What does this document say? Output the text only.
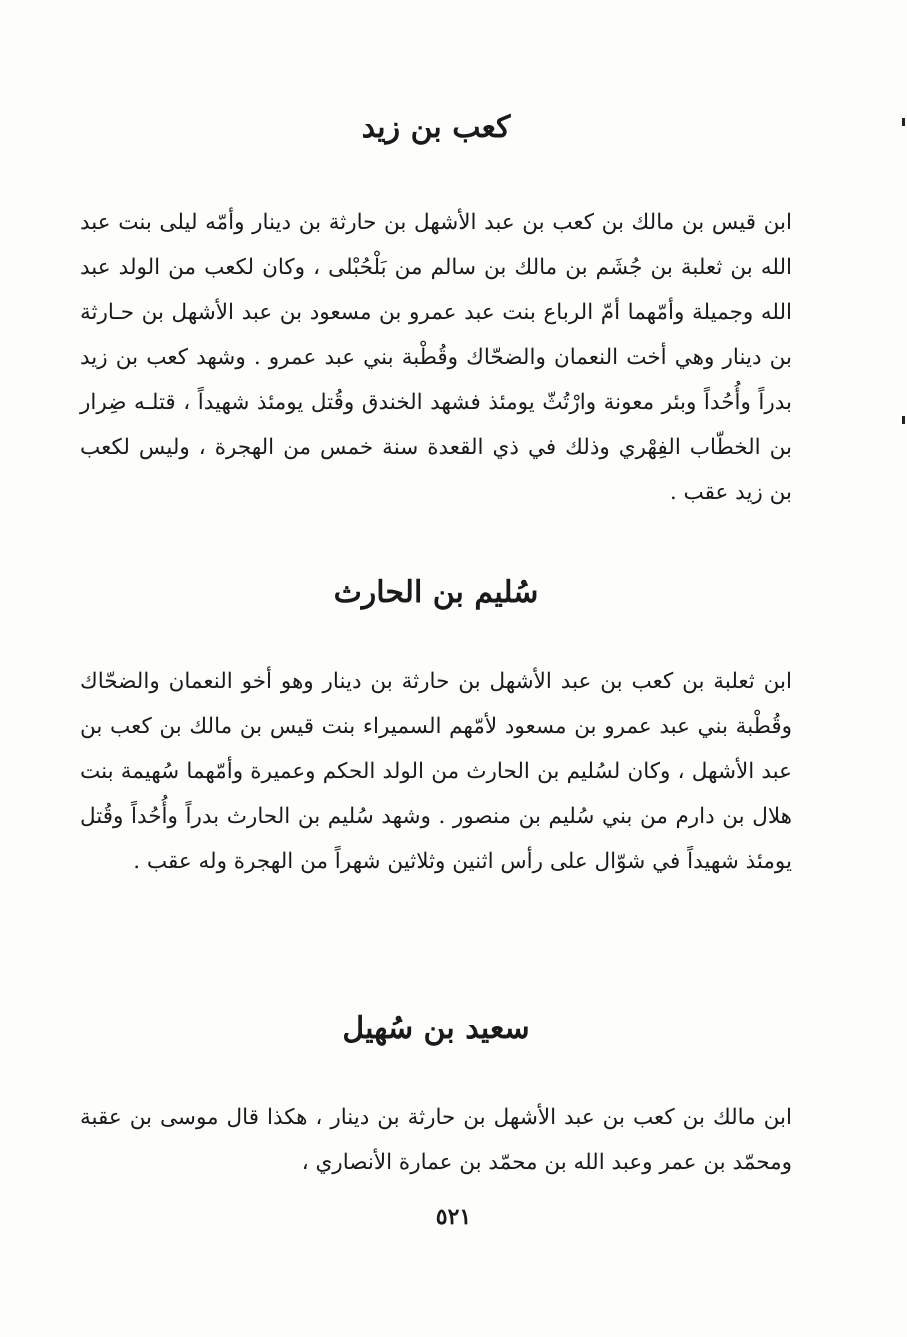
كعب بن زيد

ابن قيس بن مالك بن كعب بن عبد الأشهل بن حارثة بن دينار وأمّه ليلى بنت عبد الله بن ثعلبة بن جُشَم بن مالك بن سالم من بَلْحُبْلى ، وكان لكعب من الولد عبد الله وجميلة وأمّهما أمّ الرباع بنت عبد عمرو بن مسعود بن عبد الأشهل بن حـارثة بن دينار وهي أخت النعمان والضحّاك وقُطْبة بني عبد عمرو . وشهد كعب بن زيد بدراً وأُحُداً وبئر معونة وارْتُثّ يومئذ فشهد الخندق وقُتل يومئذ شهيداً ، قتلـه ضِرار بن الخطّاب الفِهْري وذلك في ذي القعدة سنة خمس من الهجرة ، وليس لكعب بن زيد عقب .

سُليم بن الحارث

ابن ثعلبة بن كعب بن عبد الأشهل بن حارثة بن دينار وهو أخو النعمان والضحّاك وقُطْبة بني عبد عمرو بن مسعود لأمّهم السميراء بنت قيس بن مالك بن كعب بن عبد الأشهل ، وكان لسُليم بن الحارث من الولد الحكم وعميرة وأمّهما سُهيمة بنت هلال بن دارم من بني سُليم بن منصور . وشهد سُليم بن الحارث بدراً وأُحُداً وقُتل يومئذ شهيداً في شوّال على رأس اثنين وثلاثين شهراً من الهجرة وله عقب .

سعيد بن سُهيل

ابن مالك بن كعب بن عبد الأشهل بن حارثة بن دينار ، هكذا قال موسى بن عقبة ومحمّد بن عمر وعبد الله بن محمّد بن عمارة الأنصاري ،

٥٢١
